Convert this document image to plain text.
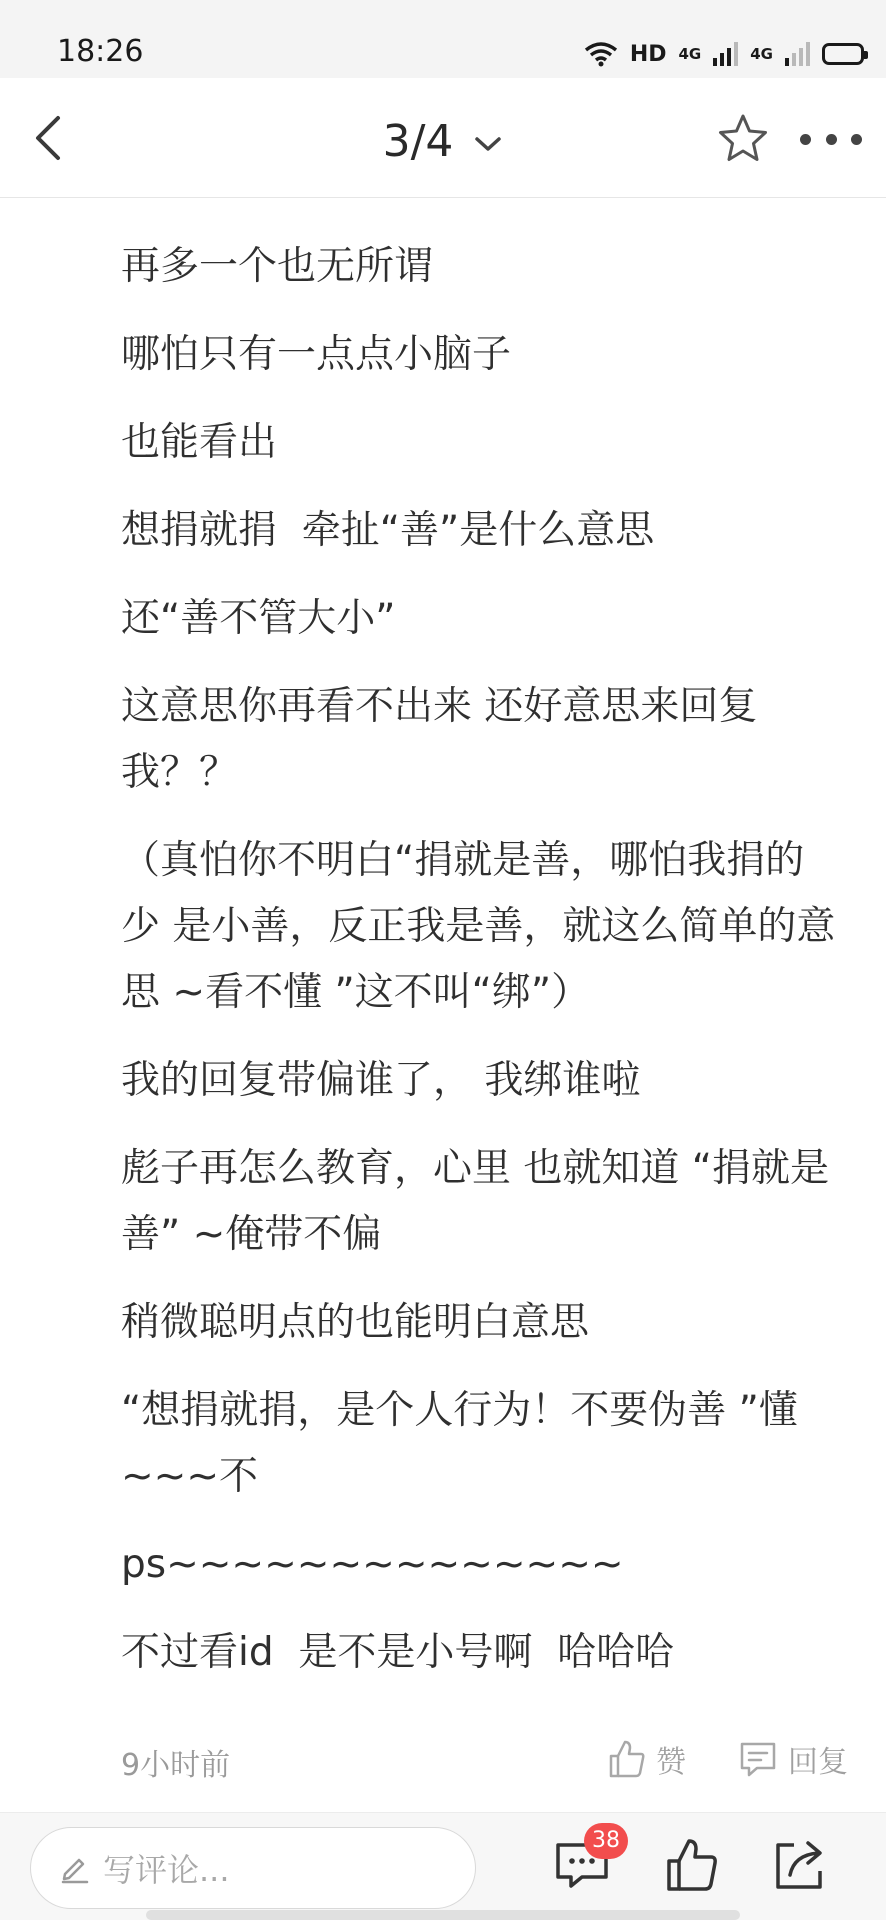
18:26	HD 4G	4G
3/4
再多一个也无所谓
哪怕只有一点点小脑子
也能看出
想捐就捐  牵扯“善”是什么意思
还“善不管大小”
这意思你再看不出来 还好意思来回复我？？
（真怕你不明白“捐就是善，哪怕我捐的少 是小善，反正我是善，就这么简单的意思 ~看不懂 ”这不叫“绑”）
我的回复带偏谁了， 我绑谁啦
彪子再怎么教育，心里 也就知道 “捐就是善” ~俺带不偏
稍微聪明点的也能明白意思
“想捐就捐，是个人行为！不要伪善 ”懂 ~~~不
ps~~~~~~~~~~~~~~
不过看id  是不是小号啊  哈哈哈
9小时前	赞	回复
写评论...
38
